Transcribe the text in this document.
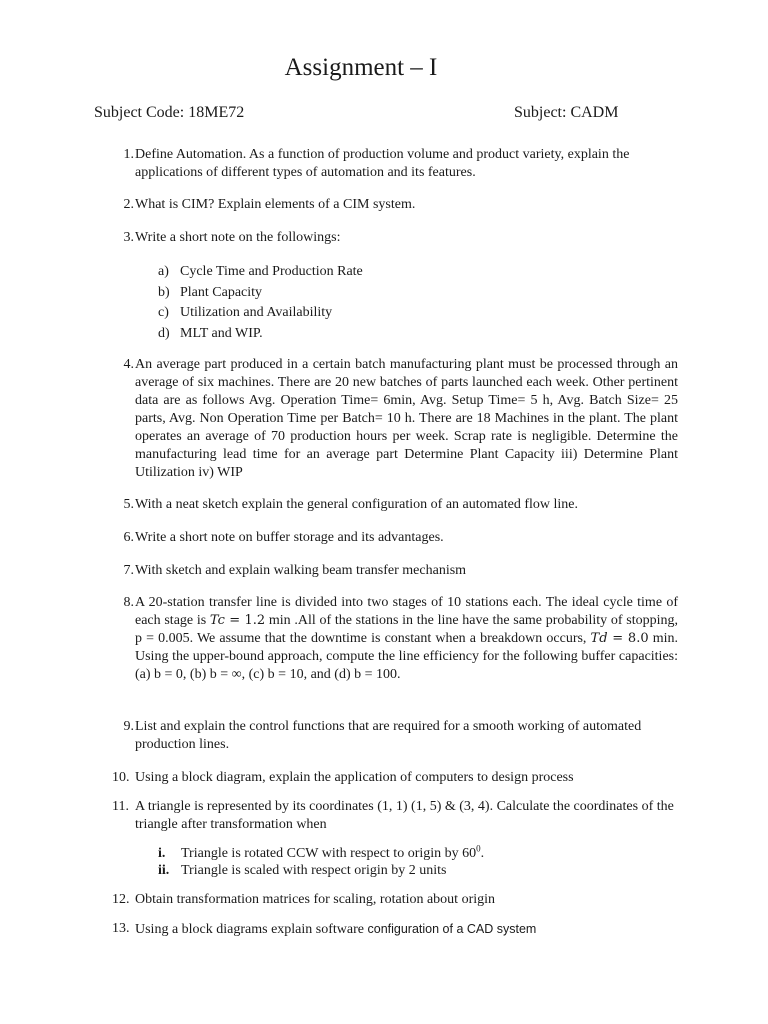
Assignment – I
Subject Code: 18ME72	Subject: CADM
1. Define Automation. As a function of production volume and product variety, explain the applications of different types of automation and its features.
2. What is CIM? Explain elements of a CIM system.
3. Write a short note on the followings:
a) Cycle Time and Production Rate
b) Plant Capacity
c) Utilization and Availability
d) MLT and WIP.
4. An average part produced in a certain batch manufacturing plant must be processed through an average of six machines. There are 20 new batches of parts launched each week. Other pertinent data are as follows Avg. Operation Time= 6min, Avg. Setup Time= 5 h, Avg. Batch Size= 25 parts, Avg. Non Operation Time per Batch= 10 h. There are 18 Machines in the plant. The plant operates an average of 70 production hours per week. Scrap rate is negligible. Determine the manufacturing lead time for an average part Determine Plant Capacity iii) Determine Plant Utilization iv) WIP
5. With a neat sketch explain the general configuration of an automated flow line.
6. Write a short note on buffer storage and its advantages.
7. With sketch and explain walking beam transfer mechanism
8. A 20-station transfer line is divided into two stages of 10 stations each. The ideal cycle time of each stage is Tc = 1.2 min .All of the stations in the line have the same probability of stopping, p = 0.005. We assume that the downtime is constant when a breakdown occurs, Td = 8.0 min. Using the upper-bound approach, compute the line efficiency for the following buffer capacities: (a) b = 0, (b) b = ∞, (c) b = 10, and (d) b = 100.
9. List and explain the control functions that are required for a smooth working of automated production lines.
10. Using a block diagram, explain the application of computers to design process
11. A triangle is represented by its coordinates (1, 1) (1, 5) & (3, 4). Calculate the coordinates of the triangle after transformation when
i. Triangle is rotated CCW with respect to origin by $60^0$.
ii. Triangle is scaled with respect origin by 2 units
12. Obtain transformation matrices for scaling, rotation about origin
13. Using a block diagrams explain software configuration of a CAD system
